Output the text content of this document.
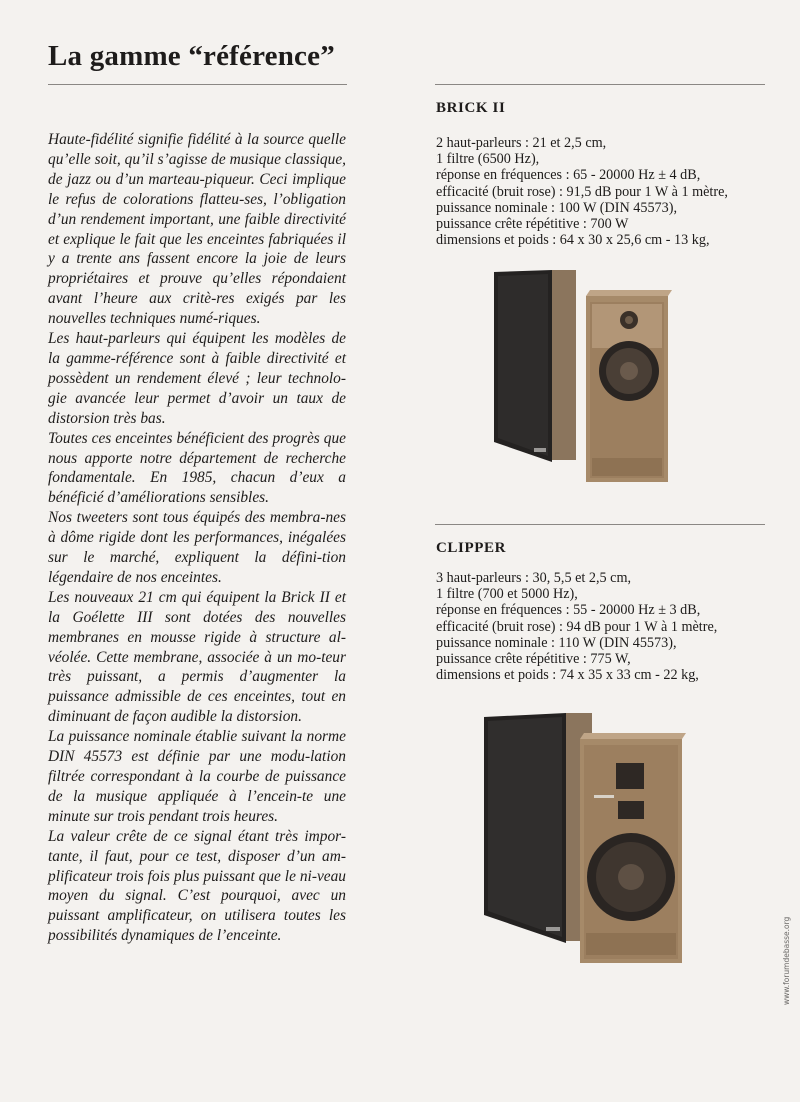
La gamme “référence”

Haute-fidélité signifie fidélité à la source quelle qu’elle soit, qu’il s’agisse de musique classique, de jazz ou d’un marteau-piqueur. Ceci implique le refus de colorations flatteu-ses, l’obligation d’un rendement important, une faible directivité et explique le fait que les enceintes fabriquées il y a trente ans fassent encore la joie de leurs propriétaires et prouve qu’elles répondaient avant l’heure aux critè-res exigés par les nouvelles techniques numé-riques.

Les haut-parleurs qui équipent les modèles de la gamme-référence sont à faible directivité et possèdent un rendement élevé ; leur technolo-gie avancée leur permet d’avoir un taux de distorsion très bas.

Toutes ces enceintes bénéficient des progrès que nous apporte notre département de recherche fondamentale. En 1985, chacun d’eux a bénéficié d’améliorations sensibles.

Nos tweeters sont tous équipés des membra-nes à dôme rigide dont les performances, inégalées sur le marché, expliquent la défini-tion légendaire de nos enceintes.

Les nouveaux 21 cm qui équipent la Brick II et la Goélette III sont dotées des nouvelles membranes en mousse rigide à structure al-véolée. Cette membrane, associée à un mo-teur très puissant, a permis d’augmenter la puissance admissible de ces enceintes, tout en diminuant de façon audible la distorsion.

La puissance nominale établie suivant la norme DIN 45573 est définie par une modu-lation filtrée correspondant à la courbe de puissance de la musique appliquée à l’encein-te une minute sur trois pendant trois heures.

La valeur crête de ce signal étant très impor-tante, il faut, pour ce test, disposer d’un am-plificateur trois fois plus puissant que le ni-veau moyen du signal. C’est pourquoi, avec un puissant amplificateur, on utilisera toutes les possibilités dynamiques de l’enceinte.

BRICK II
2 haut-parleurs : 21 et 2,5 cm,
1 filtre (6500 Hz),
réponse en fréquences : 65 - 20000 Hz ± 4 dB,
efficacité (bruit rose) : 91,5 dB pour 1 W à 1 mètre,
puissance nominale : 100 W (DIN 45573),
puissance crête répétitive : 700 W
dimensions et poids : 64 x 30 x 25,6 cm - 13 kg,
CLIPPER
3 haut-parleurs : 30, 5,5 et 2,5 cm,
1 filtre (700 et 5000 Hz),
réponse en fréquences : 55 - 20000 Hz ± 3 dB,
efficacité (bruit rose) : 94 dB pour 1 W à 1 mètre,
puissance nominale : 110 W (DIN 45573),
puissance crête répétitive : 775 W,
dimensions et poids : 74 x 35 x 33 cm - 22 kg,
www.forumdebasse.org
